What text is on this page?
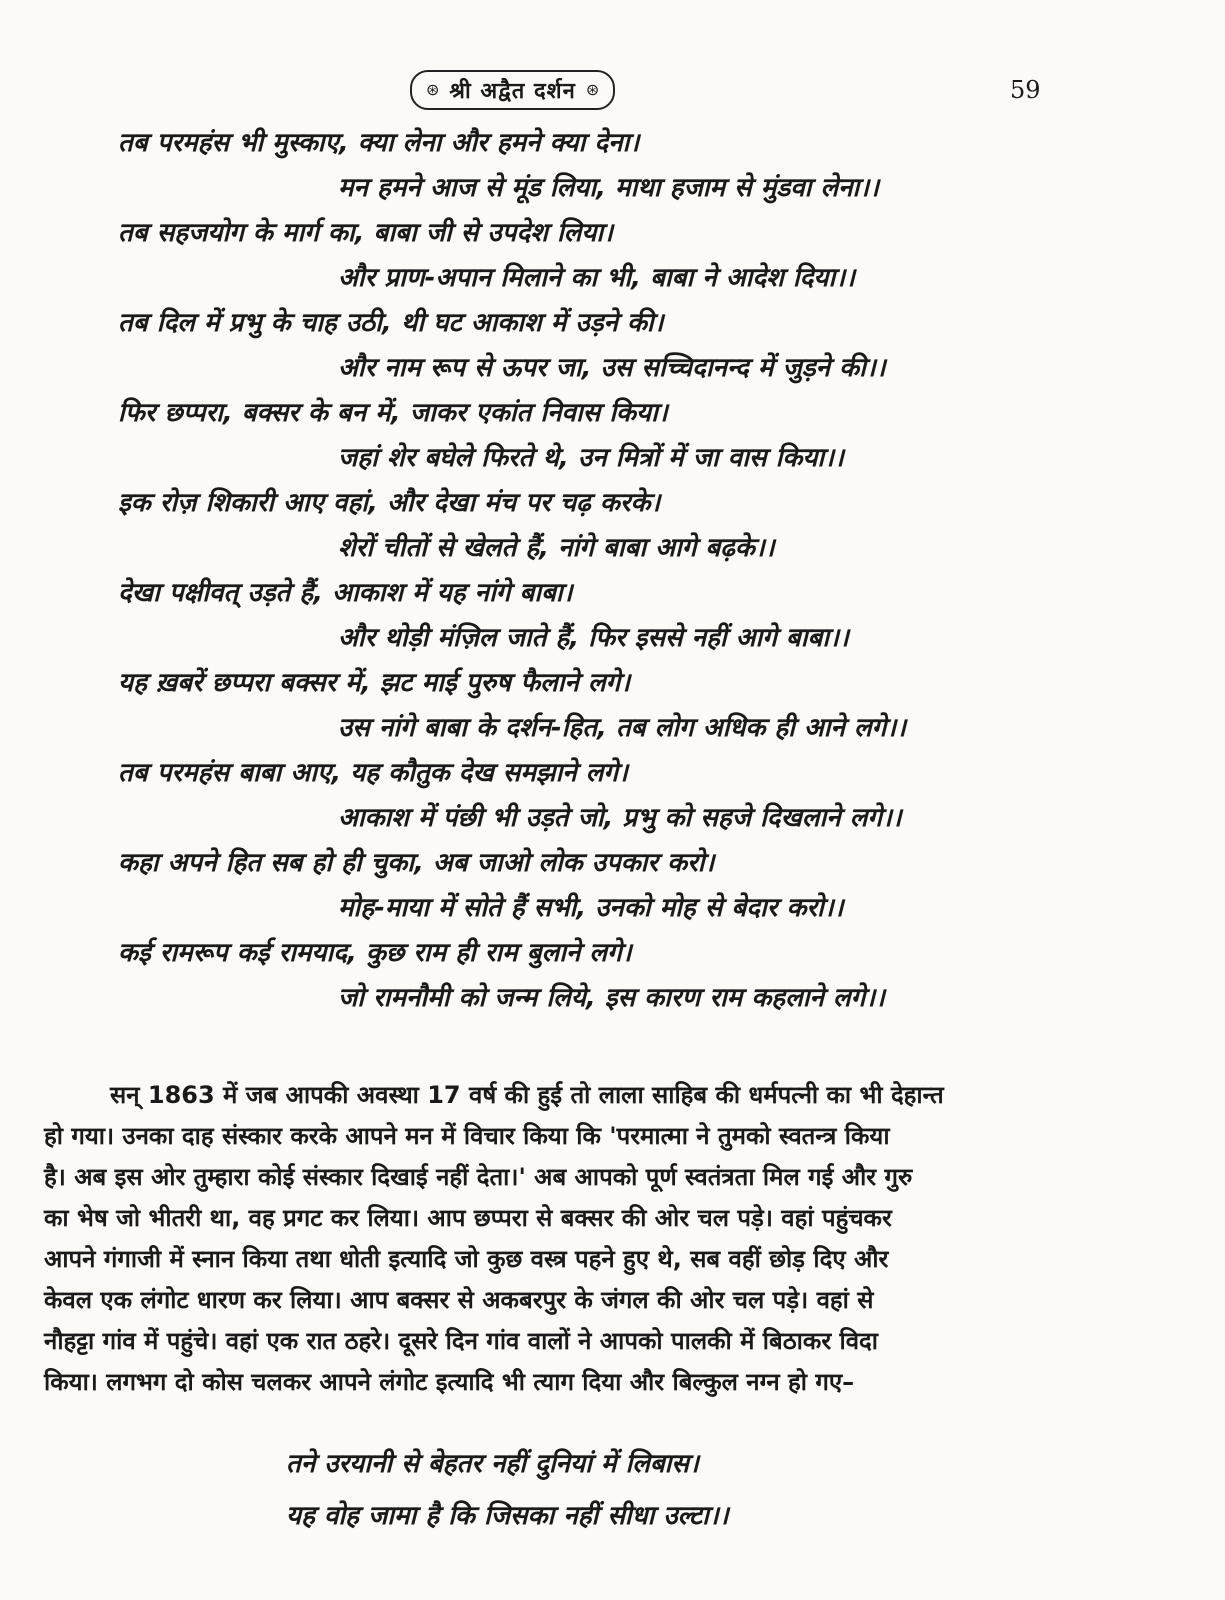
⊛ श्री अद्वैत दर्शन ⊛	59
तब परमहंस भी मुस्काए, क्या लेना और हमने क्या देना।
मन हमने आज से मूंड लिया, माथा हजाम से मुंडवा लेना।।
तब सहजयोग के मार्ग का, बाबा जी से उपदेश लिया।
और प्राण-अपान मिलाने का भी, बाबा ने आदेश दिया।।
तब दिल में प्रभु के चाह उठी, थी घट आकाश में उड़ने की।
और नाम रूप से ऊपर जा, उस सच्चिदानन्द में जुड़ने की।।
फिर छप्परा, बक्सर के बन में, जाकर एकांत निवास किया।
जहां शेर बघेले फिरते थे, उन मित्रों में जा वास किया।।
इक रोज़ शिकारी आए वहां, और देखा मंच पर चढ़ करके।
शेरों चीतों से खेलते हैं, नांगे बाबा आगे बढ़के।।
देखा पक्षीवत् उड़ते हैं, आकाश में यह नांगे बाबा।
और थोड़ी मंज़िल जाते हैं, फिर इससे नहीं आगे बाबा।।
यह ख़बरें छप्परा बक्सर में, झट माई पुरुष फैलाने लगे।
उस नांगे बाबा के दर्शन-हित, तब लोग अधिक ही आने लगे।।
तब परमहंस बाबा आए, यह कौतुक देख समझाने लगे।
आकाश में पंछी भी उड़ते जो, प्रभु को सहजे दिखलाने लगे।।
कहा अपने हित सब हो ही चुका, अब जाओ लोक उपकार करो।
मोह-माया में सोते हैं सभी, उनको मोह से बेदार करो।।
कई रामरूप कई रामयाद, कुछ राम ही राम बुलाने लगे।
जो रामनौमी को जन्म लिये, इस कारण राम कहलाने लगे।।
सन् 1863 में जब आपकी अवस्था 17 वर्ष की हुई तो लाला साहिब की धर्मपत्नी का भी देहान्त
हो गया। उनका दाह संस्कार करके आपने मन में विचार किया कि 'परमात्मा ने तुमको स्वतन्त्र किया
है। अब इस ओर तुम्हारा कोई संस्कार दिखाई नहीं देता।' अब आपको पूर्ण स्वतंत्रता मिल गई और गुरु
का भेष जो भीतरी था, वह प्रगट कर लिया। आप छप्परा से बक्सर की ओर चल पड़े। वहां पहुंचकर
आपने गंगाजी में स्नान किया तथा धोती इत्यादि जो कुछ वस्त्र पहने हुए थे, सब वहीं छोड़ दिए और
केवल एक लंगोट धारण कर लिया। आप बक्सर से अकबरपुर के जंगल की ओर चल पड़े। वहां से
नौहट्टा गांव में पहुंचे। वहां एक रात ठहरे। दूसरे दिन गांव वालों ने आपको पालकी में बिठाकर विदा
किया। लगभग दो कोस चलकर आपने लंगोट इत्यादि भी त्याग दिया और बिल्कुल नग्न हो गए–
तने उरयानी से बेहतर नहीं दुनियां में लिबास।
यह वोह जामा है कि जिसका नहीं सीधा उल्टा।।
